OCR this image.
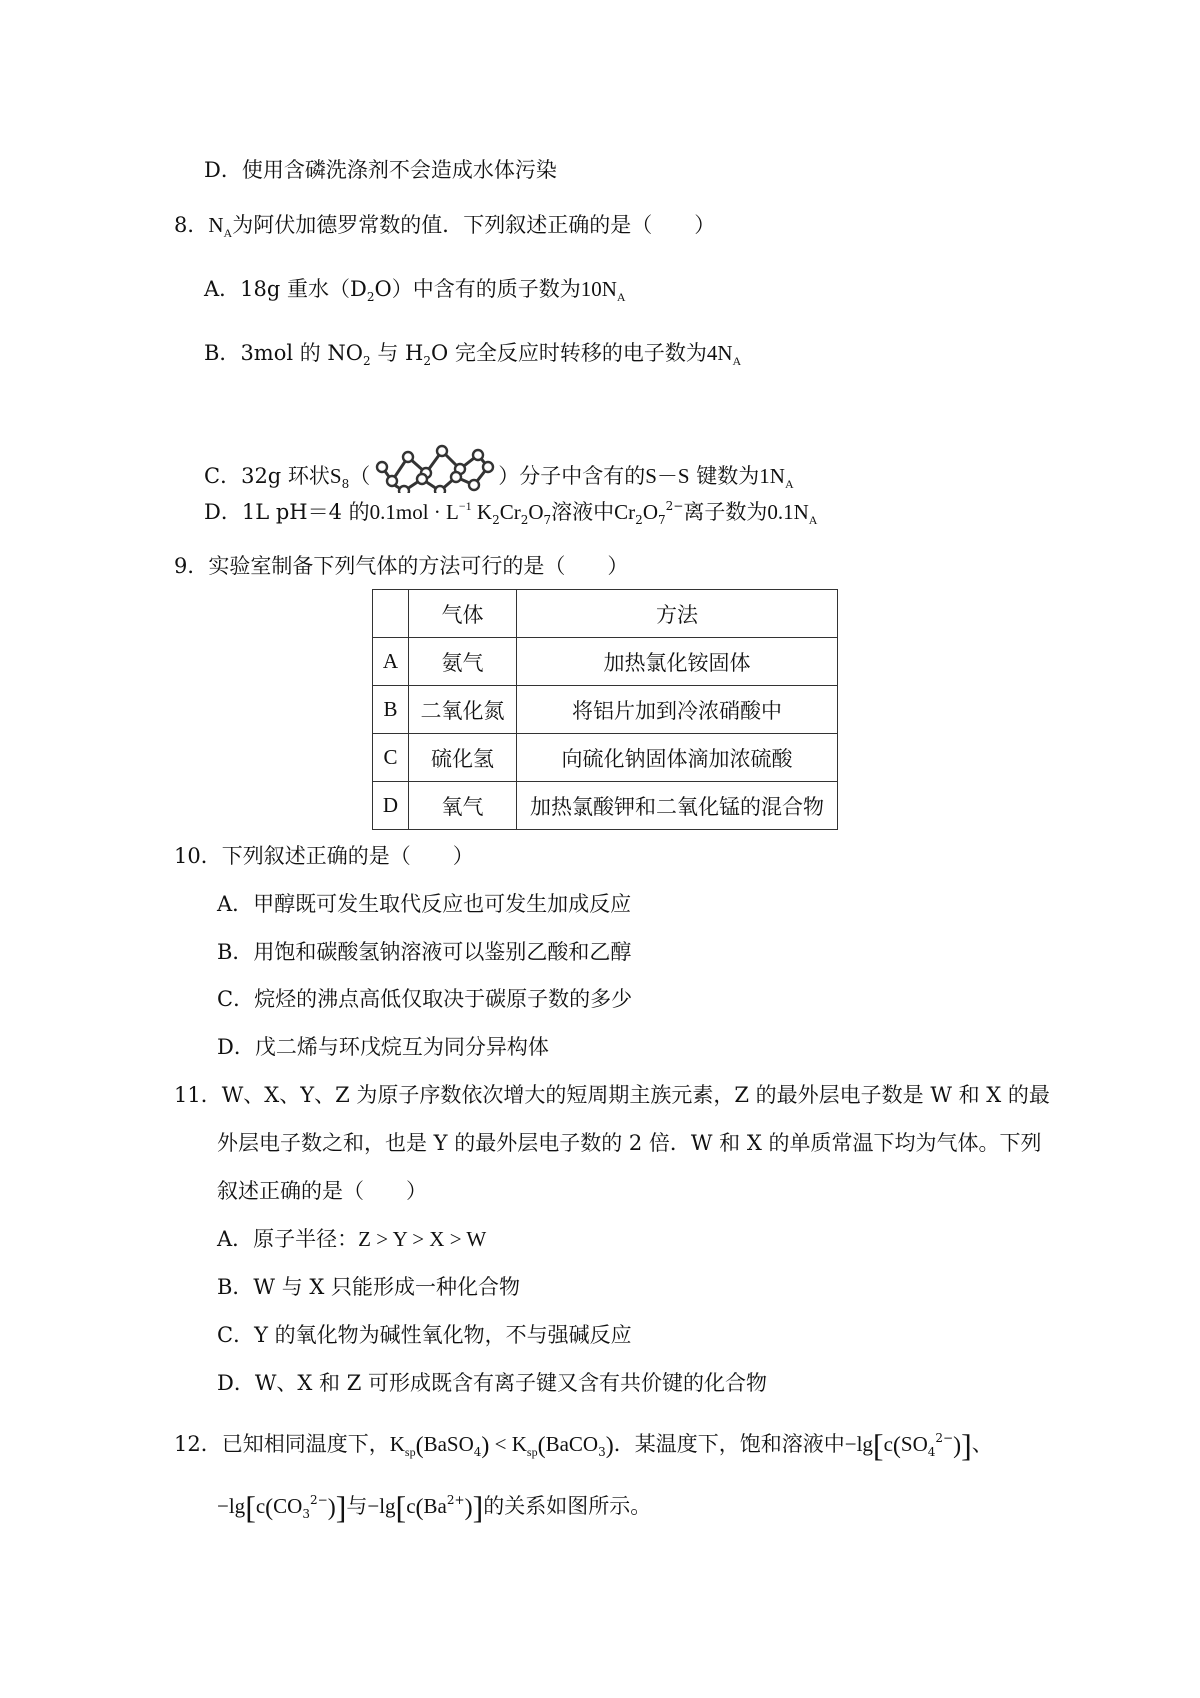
D．使用含磷洗涤剂不会造成水体污染
8．$N_A$为阿伏加德罗常数的值．下列叙述正确的是（　　）
A．18g 重水$(D_2O)$中含有的质子数为$10N_A$
B．3mol 的 $NO_2$ 与 $H_2O$ 完全反应时转移的电子数为$4N_A$
C．32g 环状$S_8$（	）分子中含有的S－S 键数为$1N_A$
D．1L pH＝4 的$0.1mol \cdot L^{-1}$ $K_2Cr_2O_7$溶液中$Cr_2O_7^{2-}$离子数为$0.1N_A$
9．实验室制备下列气体的方法可行的是（　　）
	气体	方法
A	氨气	加热氯化铵固体
B	二氧化氮	将铝片加到冷浓硝酸中
C	硫化氢	向硫化钠固体滴加浓硫酸
D	氧气	加热氯酸钾和二氧化锰的混合物
10．下列叙述正确的是（　　）
A．甲醇既可发生取代反应也可发生加成反应
B．用饱和碳酸氢钠溶液可以鉴别乙酸和乙醇
C．烷烃的沸点高低仅取决于碳原子数的多少
D．戊二烯与环戊烷互为同分异构体
11．W、X、Y、Z 为原子序数依次增大的短周期主族元素，Z 的最外层电子数是 W 和 X 的最
外层电子数之和，也是 Y 的最外层电子数的 2 倍．W 和 X 的单质常温下均为气体。下列
叙述正确的是（　　）
A．原子半径：Z > Y > X > W
B．W 与 X 只能形成一种化合物
C．Y 的氧化物为碱性氧化物，不与强碱反应
D．W、X 和 Z 可形成既含有离子键又含有共价键的化合物
12．已知相同温度下，$K_{sp}(BaSO_4)$ < $K_{sp}(BaCO_3)$．某温度下，饱和溶液中$-\lg[c(SO_4^{2-})]$、
$-\lg[c(CO_3^{2-})]$与$-\lg[c(Ba^{2+})]$的关系如图所示。
